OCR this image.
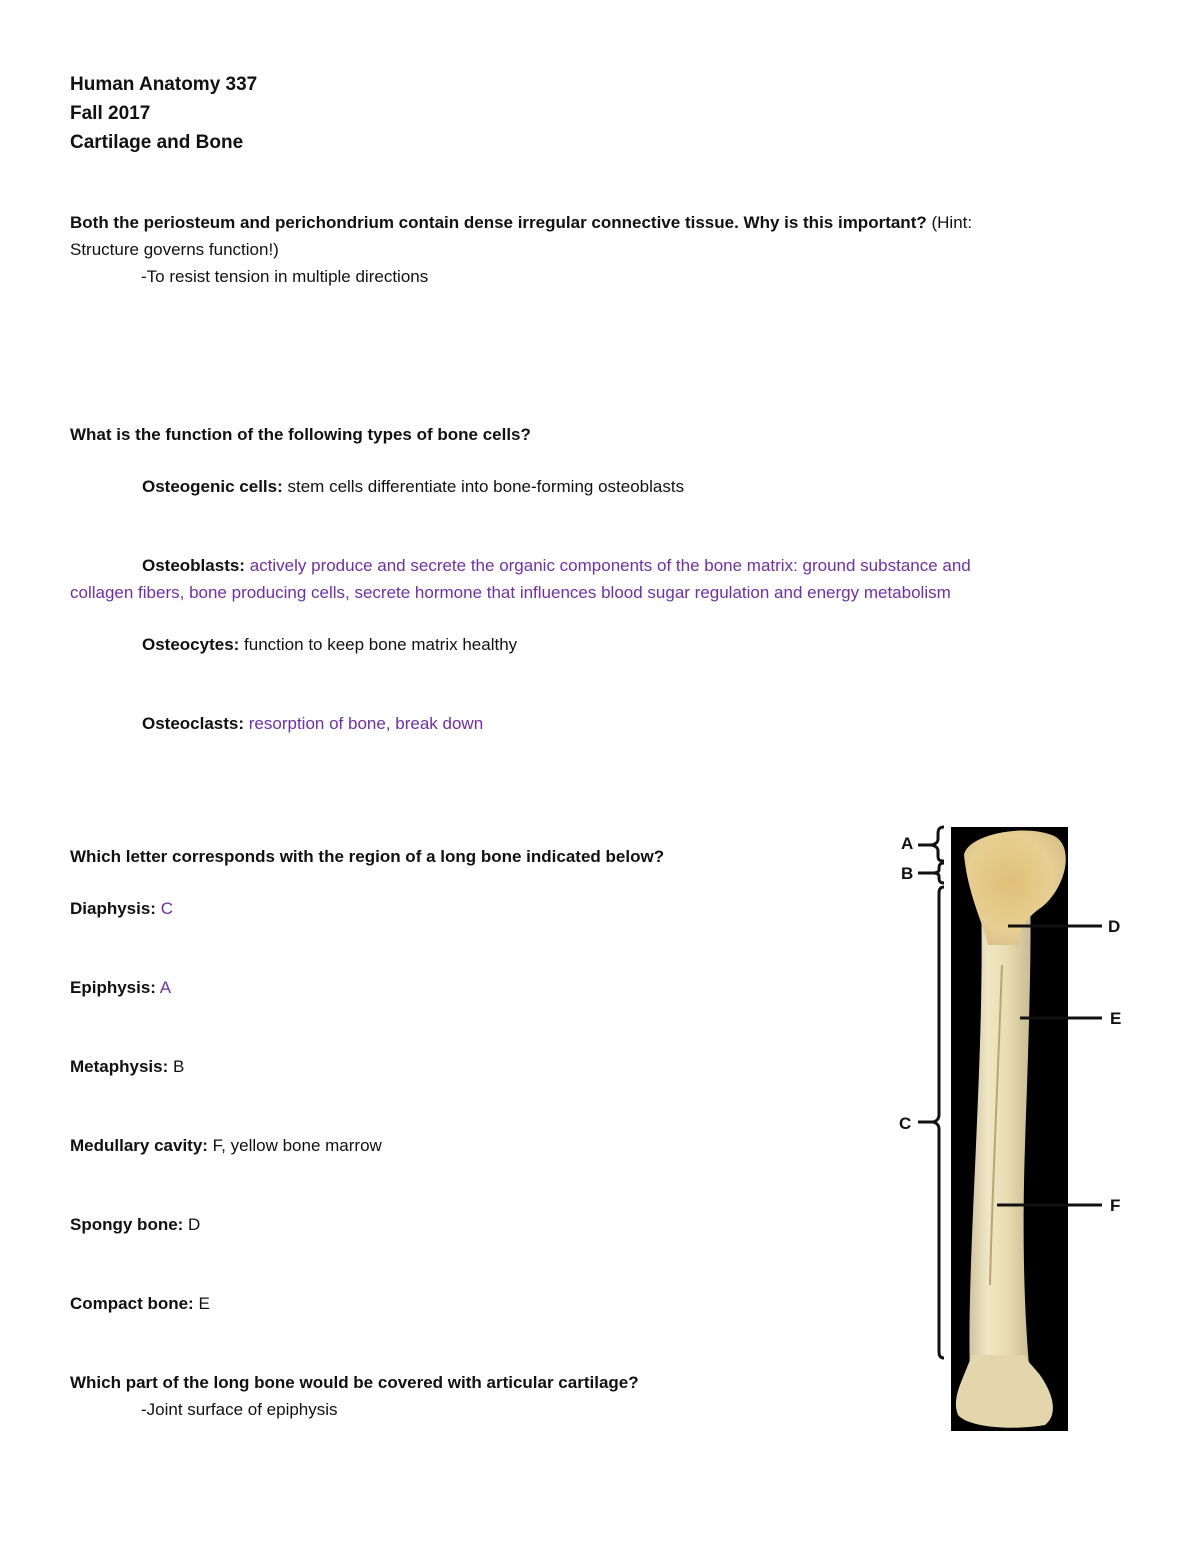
Human Anatomy 337
Fall 2017
Cartilage and Bone
Both the periosteum and perichondrium contain dense irregular connective tissue. Why is this important? (Hint:
Structure governs function!)
-To resist tension in multiple directions
What is the function of the following types of bone cells?
Osteogenic cells: stem cells differentiate into bone-forming osteoblasts
Osteoblasts: actively produce and secrete the organic components of the bone matrix: ground substance and
collagen fibers, bone producing cells, secrete hormone that influences blood sugar regulation and energy metabolism
Osteocytes: function to keep bone matrix healthy
Osteoclasts: resorption of bone, break down
Which letter corresponds with the region of a long bone indicated below?
Diaphysis: C
Epiphysis: A
Metaphysis: B
Medullary cavity: F, yellow bone marrow
Spongy bone: D
Compact bone: E
Which part of the long bone would be covered with articular cartilage?
-Joint surface of epiphysis
A
B
C
D
E
F
